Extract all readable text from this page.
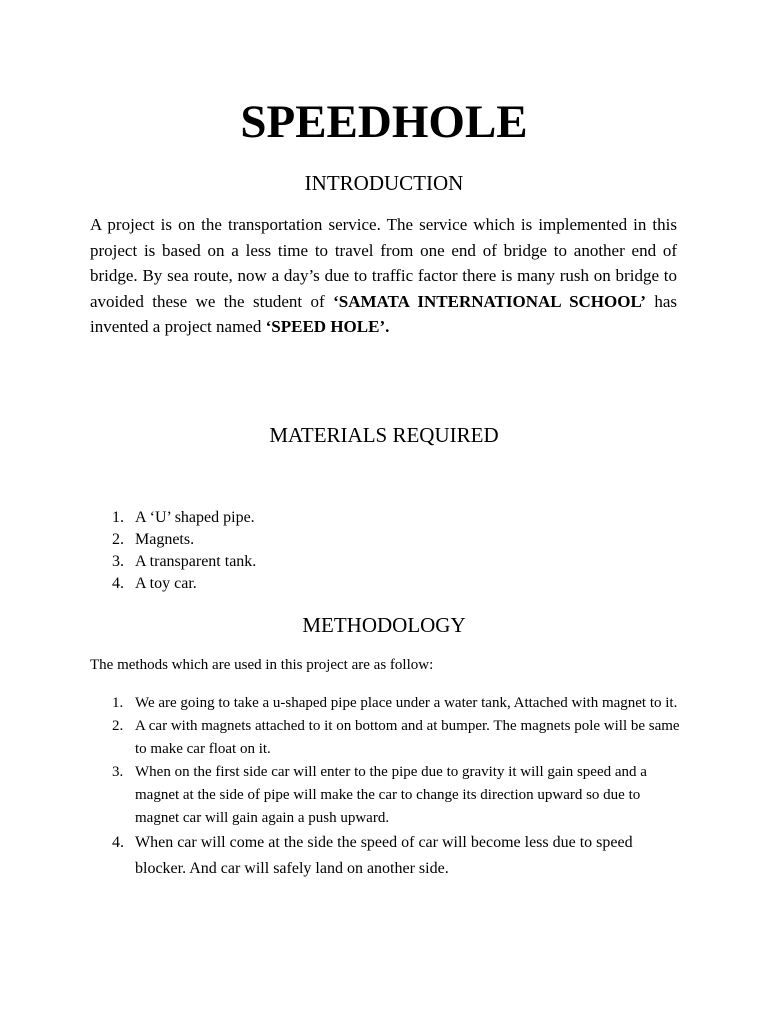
SPEEDHOLE
INTRODUCTION

A project is on the transportation service. The service which is implemented in this project is based on a less time to travel from one end of bridge to another end of bridge. By sea route, now a day’s due to traffic factor there is many rush on bridge to avoided these we the student of ‘SAMATA INTERNATIONAL SCHOOL’ has invented a project named ‘SPEED HOLE’.

MATERIALS REQUIRED
1. A ‘U’ shaped pipe.
2. Magnets.
3. A transparent tank.
4. A toy car.
METHODOLOGY

The methods which are used in this project are as follow:

1. We are going to take a u-shaped pipe place under a water tank, Attached with magnet to it.
2. A car with magnets attached to it on bottom and at bumper. The magnets pole will be same to make car float on it.
3. When on the first side car will enter to the pipe due to gravity it will gain speed and a magnet at the side of pipe will make the car to change its direction upward so due to magnet car will gain again a push upward.
4. When car will come at the side the speed of car will become less due to speed blocker. And car will safely land on another side.
